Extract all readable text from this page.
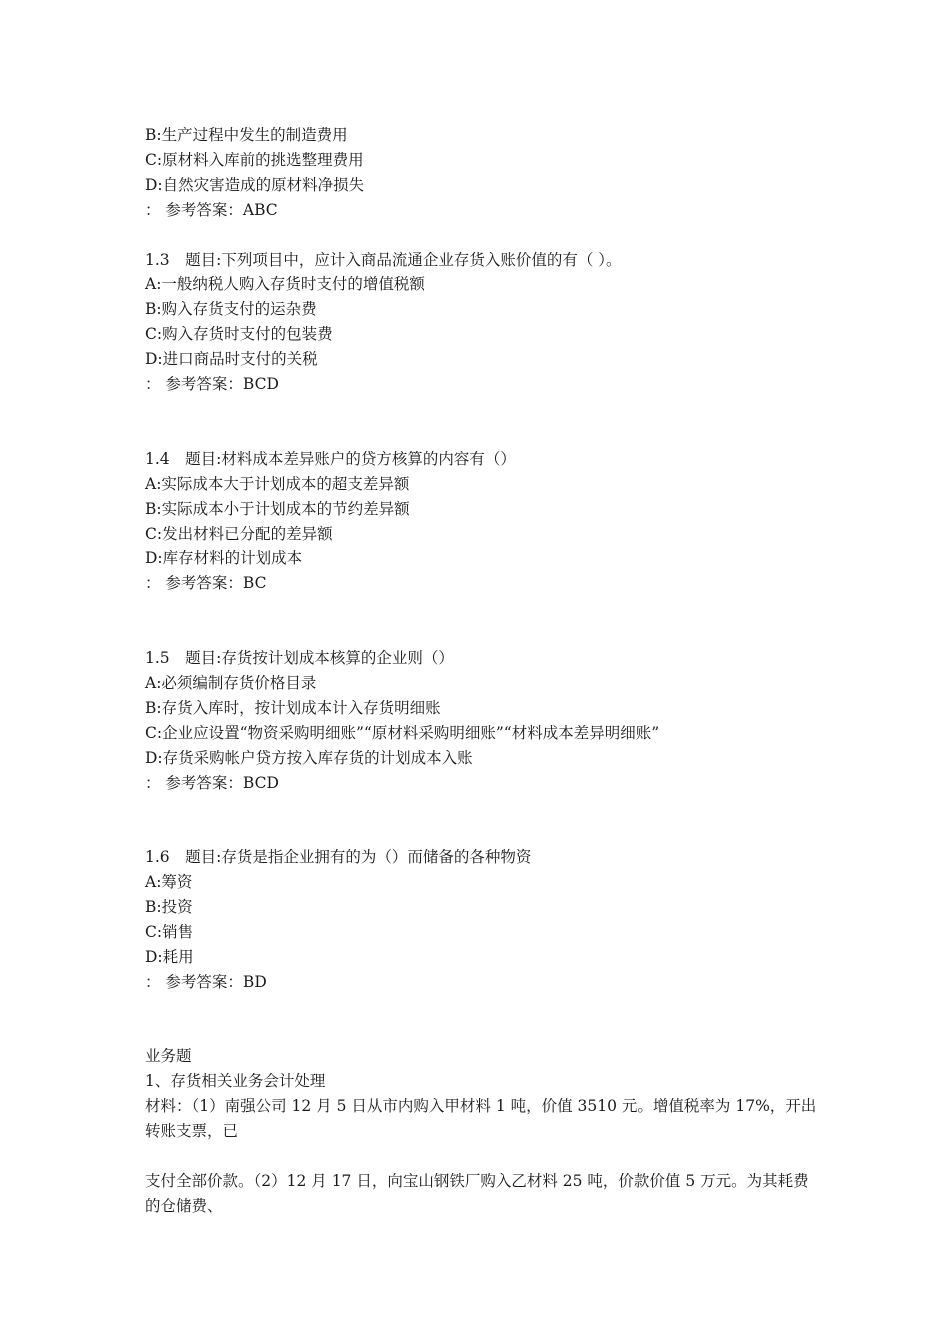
B:生产过程中发生的制造费用
C:原材料入库前的挑选整理费用
D:自然灾害造成的原材料净损失
： 参考答案：ABC
1.3　题目:下列项目中，应计入商品流通企业存货入账价值的有（ ）。
A:一般纳税人购入存货时支付的增值税额
B:购入存货支付的运杂费
C:购入存货时支付的包装费
D:进口商品时支付的关税
： 参考答案：BCD
1.4　题目:材料成本差异账户的贷方核算的内容有（）
A:实际成本大于计划成本的超支差异额
B:实际成本小于计划成本的节约差异额
C:发出材料已分配的差异额
D:库存材料的计划成本
： 参考答案：BC
1.5　题目:存货按计划成本核算的企业则（）
A:必须编制存货价格目录
B:存货入库时，按计划成本计入存货明细账
C:企业应设置“物资采购明细账”“原材料采购明细账”“材料成本差异明细账”
D:存货采购帐户贷方按入库存货的计划成本入账
： 参考答案：BCD
1.6　题目:存货是指企业拥有的为（）而储备的各种物资
A:筹资
B:投资
C:销售
D:耗用
： 参考答案：BD
业务题
1、存货相关业务会计处理
材料：（1）南强公司 12 月 5 日从市内购入甲材料 1 吨，价值 3510 元。增值税率为 17%，开出
转账支票，已
支付全部价款。（2）12 月 17 日，向宝山钢铁厂购入乙材料 25 吨，价款价值 5 万元。为其耗费
的仓储费、
